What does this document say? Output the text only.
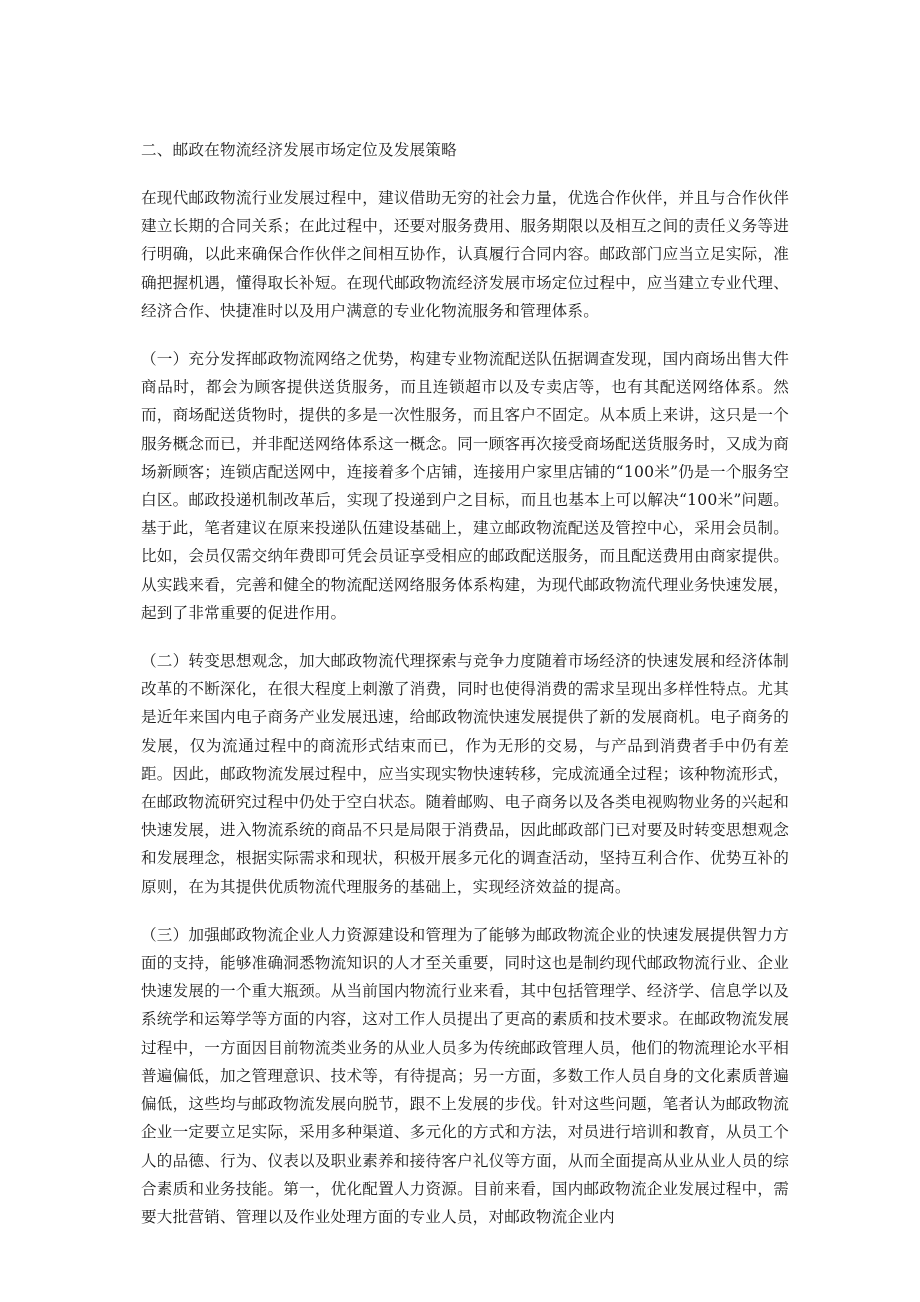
二、邮政在物流经济发展市场定位及发展策略

在现代邮政物流行业发展过程中，建议借助无穷的社会力量，优选合作伙伴，并且与合作伙伴建立长期的合同关系；在此过程中，还要对服务费用、服务期限以及相互之间的责任义务等进行明确，以此来确保合作伙伴之间相互协作，认真履行合同内容。邮政部门应当立足实际，准确把握机遇，懂得取长补短。在现代邮政物流经济发展市场定位过程中，应当建立专业代理、经济合作、快捷准时以及用户满意的专业化物流服务和管理体系。

（一）充分发挥邮政物流网络之优势，构建专业物流配送队伍据调查发现，国内商场出售大件商品时，都会为顾客提供送货服务，而且连锁超市以及专卖店等，也有其配送网络体系。然而，商场配送货物时，提供的多是一次性服务，而且客户不固定。从本质上来讲，这只是一个服务概念而已，并非配送网络体系这一概念。同一顾客再次接受商场配送货服务时，又成为商场新顾客；连锁店配送网中，连接着多个店铺，连接用户家里店铺的“100米”仍是一个服务空白区。邮政投递机制改革后，实现了投递到户之目标，而且也基本上可以解决“100米”问题。基于此，笔者建议在原来投递队伍建设基础上，建立邮政物流配送及管控中心，采用会员制。比如，会员仅需交纳年费即可凭会员证享受相应的邮政配送服务，而且配送费用由商家提供。从实践来看，完善和健全的物流配送网络服务体系构建，为现代邮政物流代理业务快速发展，起到了非常重要的促进作用。

（二）转变思想观念，加大邮政物流代理探索与竞争力度随着市场经济的快速发展和经济体制改革的不断深化，在很大程度上刺激了消费，同时也使得消费的需求呈现出多样性特点。尤其是近年来国内电子商务产业发展迅速，给邮政物流快速发展提供了新的发展商机。电子商务的发展，仅为流通过程中的商流形式结束而已，作为无形的交易，与产品到消费者手中仍有差距。因此，邮政物流发展过程中，应当实现实物快速转移，完成流通全过程；该种物流形式，在邮政物流研究过程中仍处于空白状态。随着邮购、电子商务以及各类电视购物业务的兴起和快速发展，进入物流系统的商品不只是局限于消费品，因此邮政部门已对要及时转变思想观念和发展理念，根据实际需求和现状，积极开展多元化的调查活动，坚持互利合作、优势互补的原则，在为其提供优质物流代理服务的基础上，实现经济效益的提高。

（三）加强邮政物流企业人力资源建设和管理为了能够为邮政物流企业的快速发展提供智力方面的支持，能够准确洞悉物流知识的人才至关重要，同时这也是制约现代邮政物流行业、企业快速发展的一个重大瓶颈。从当前国内物流行业来看，其中包括管理学、经济学、信息学以及系统学和运筹学等方面的内容，这对工作人员提出了更高的素质和技术要求。在邮政物流发展过程中，一方面因目前物流类业务的从业人员多为传统邮政管理人员，他们的物流理论水平相普遍偏低，加之管理意识、技术等，有待提高；另一方面，多数工作人员自身的文化素质普遍偏低，这些均与邮政物流发展向脱节，跟不上发展的步伐。针对这些问题，笔者认为邮政物流企业一定要立足实际，采用多种渠道、多元化的方式和方法，对员进行培训和教育，从员工个人的品德、行为、仪表以及职业素养和接待客户礼仪等方面，从而全面提高从业从业人员的综合素质和业务技能。第一，优化配置人力资源。目前来看，国内邮政物流企业发展过程中，需要大批营销、管理以及作业处理方面的专业人员，对邮政物流企业内
